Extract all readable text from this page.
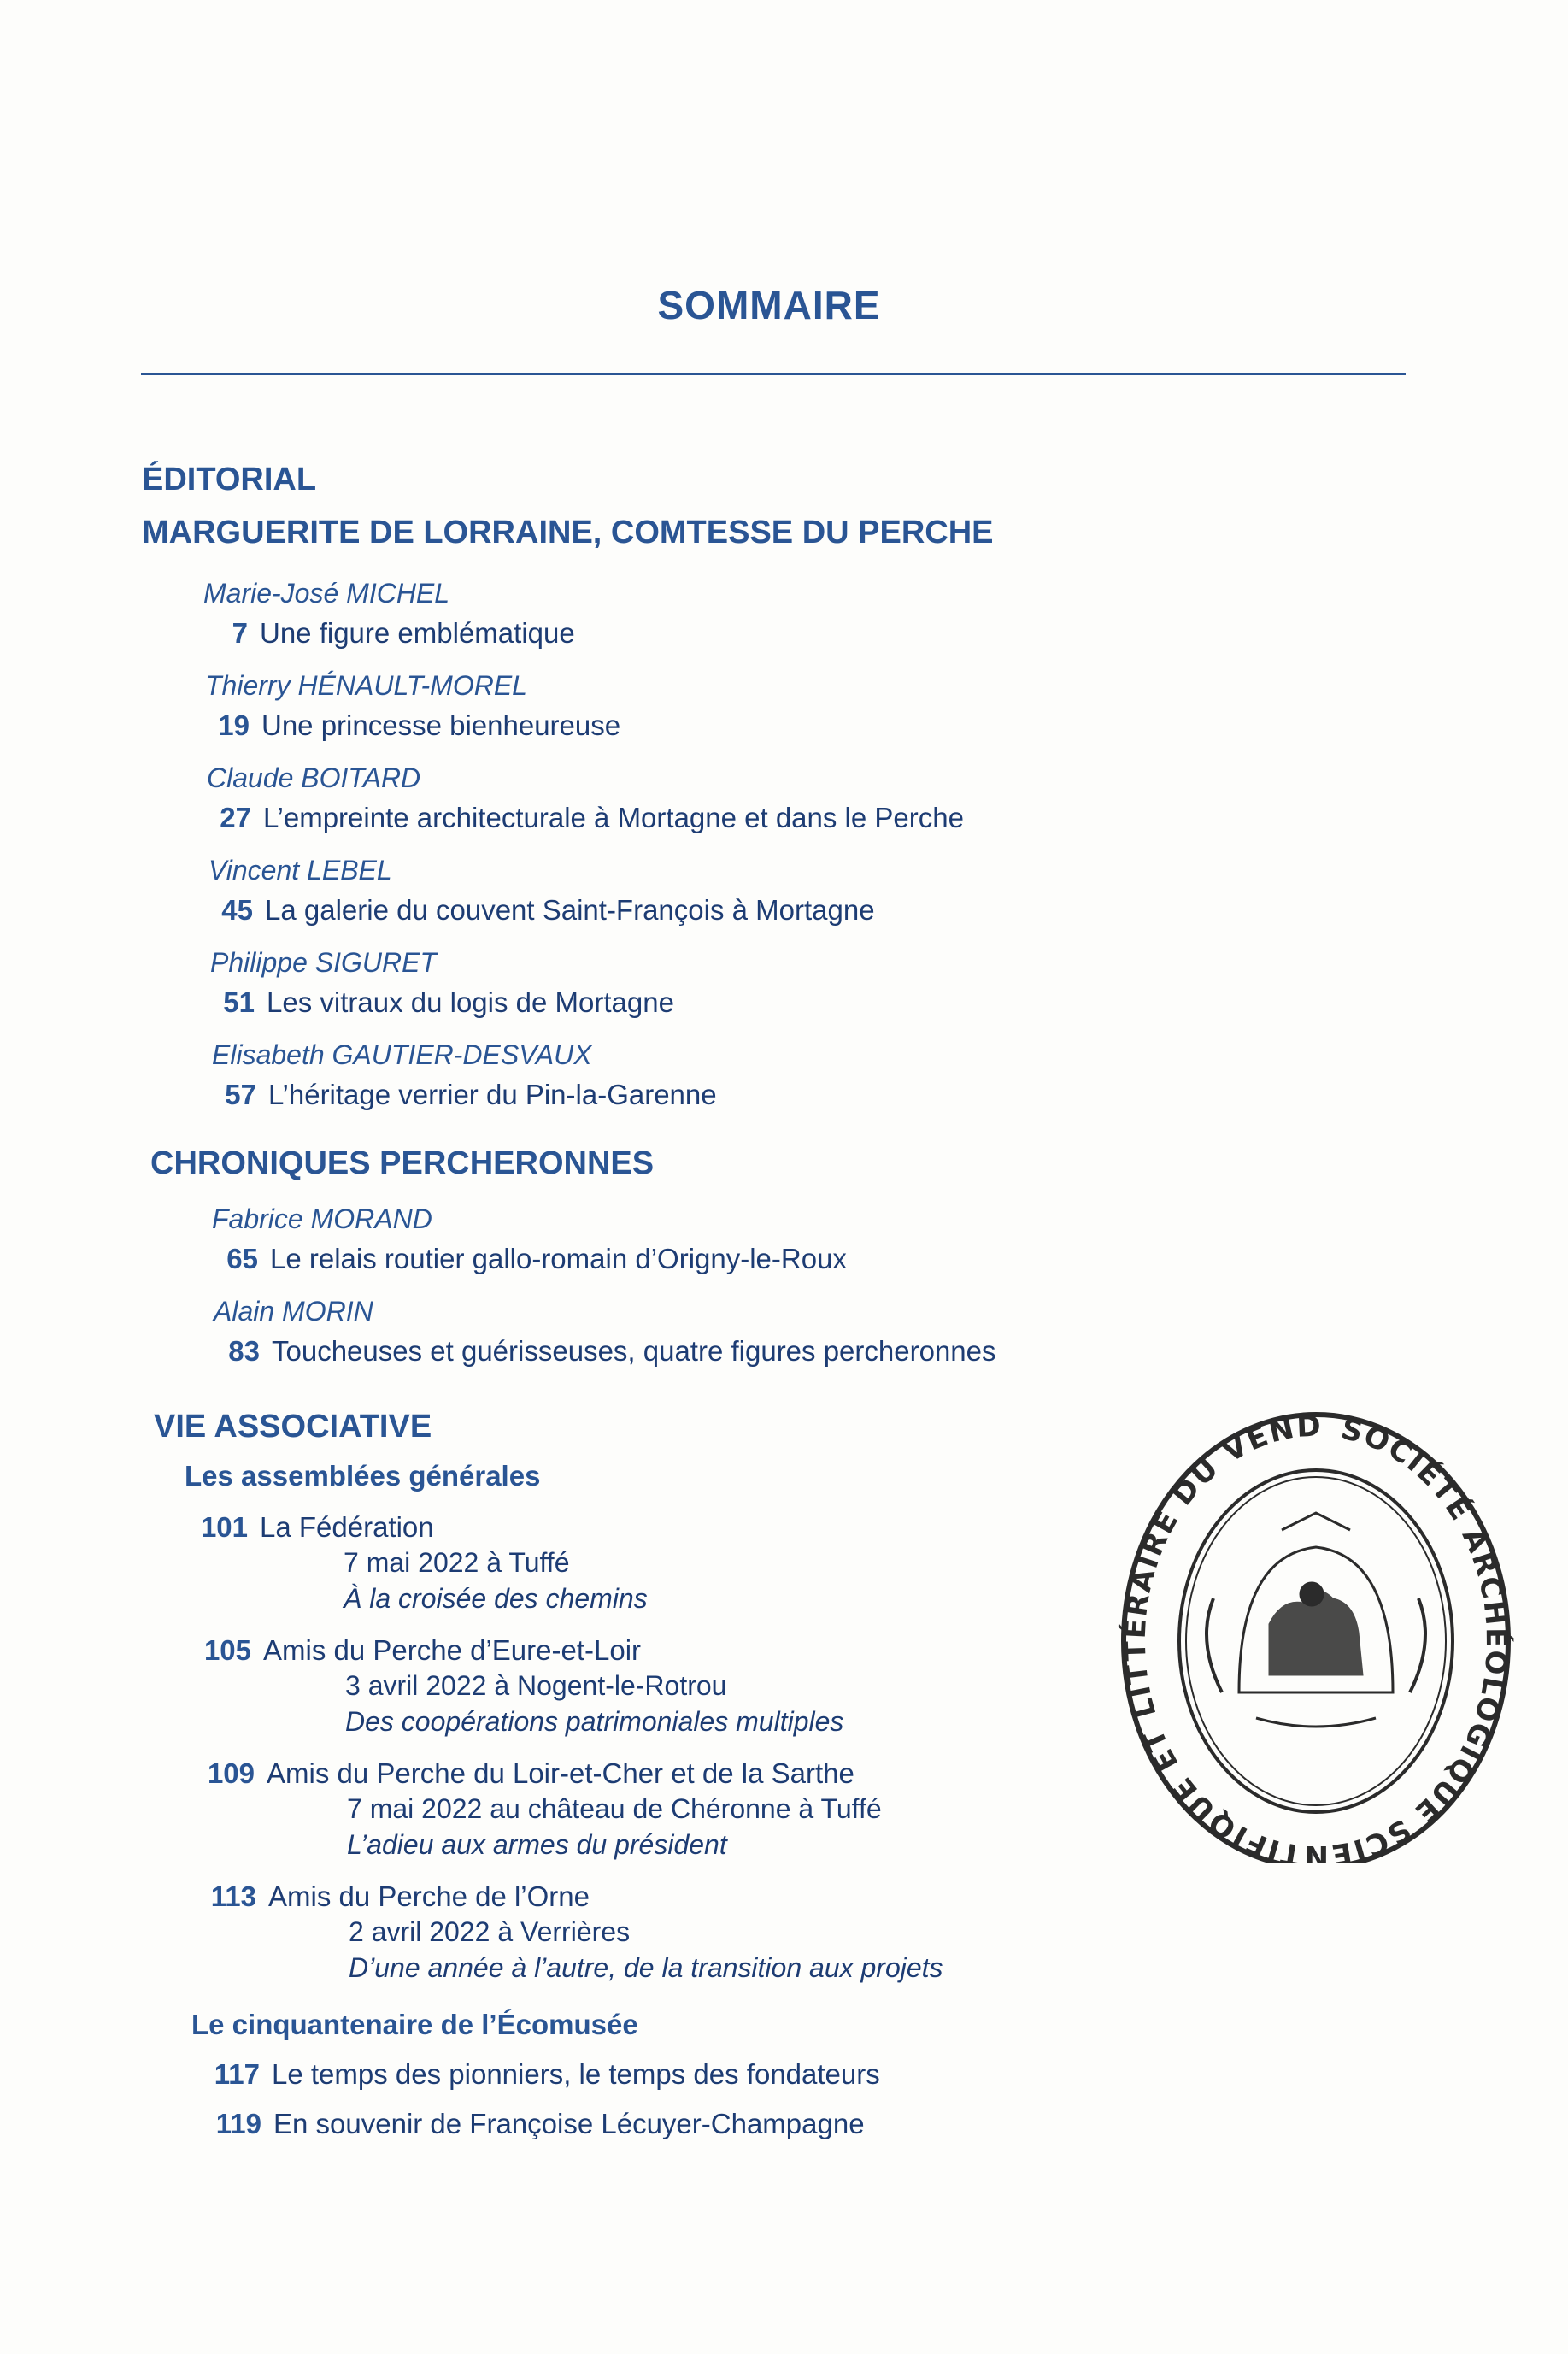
SOMMAIRE
ÉDITORIAL
MARGUERITE DE LORRAINE, COMTESSE DU PERCHE
Marie-José MICHEL
7 Une figure emblématique
Thierry HÉNAULT-MOREL
19 Une princesse bienheureuse
Claude BOITARD
27 L’empreinte architecturale à Mortagne et dans le Perche
Vincent LEBEL
45 La galerie du couvent Saint-François à Mortagne
Philippe SIGURET
51 Les vitraux du logis de Mortagne
Elisabeth GAUTIER-DESVAUX
57 L’héritage verrier du Pin-la-Garenne
CHRONIQUES PERCHERONNES
Fabrice MORAND
65 Le relais routier gallo-romain d’Origny-le-Roux
Alain MORIN
83 Toucheuses et guérisseuses, quatre figures percheronnes
VIE ASSOCIATIVE
Les assemblées générales
101 La Fédération
7 mai 2022 à Tuffé
À la croisée des chemins
105 Amis du Perche d’Eure-et-Loir
3 avril 2022 à Nogent-le-Rotrou
Des coopérations patrimoniales multiples
109 Amis du Perche du Loir-et-Cher et de la Sarthe
7 mai 2022 au château de Chéronne à Tuffé
L’adieu aux armes du président
113 Amis du Perche de l’Orne
2 avril 2022 à Verrières
D’une année à l’autre, de la transition aux projets
Le cinquantenaire de l’Écomusée
117 Le temps des pionniers, le temps des fondateurs
119 En souvenir de Françoise Lécuyer-Champagne
SOCIÉTÉ ARCHÉOLOGIQUE SCIENTIFIQUE ET LITTÉRAIRE DU VEND
